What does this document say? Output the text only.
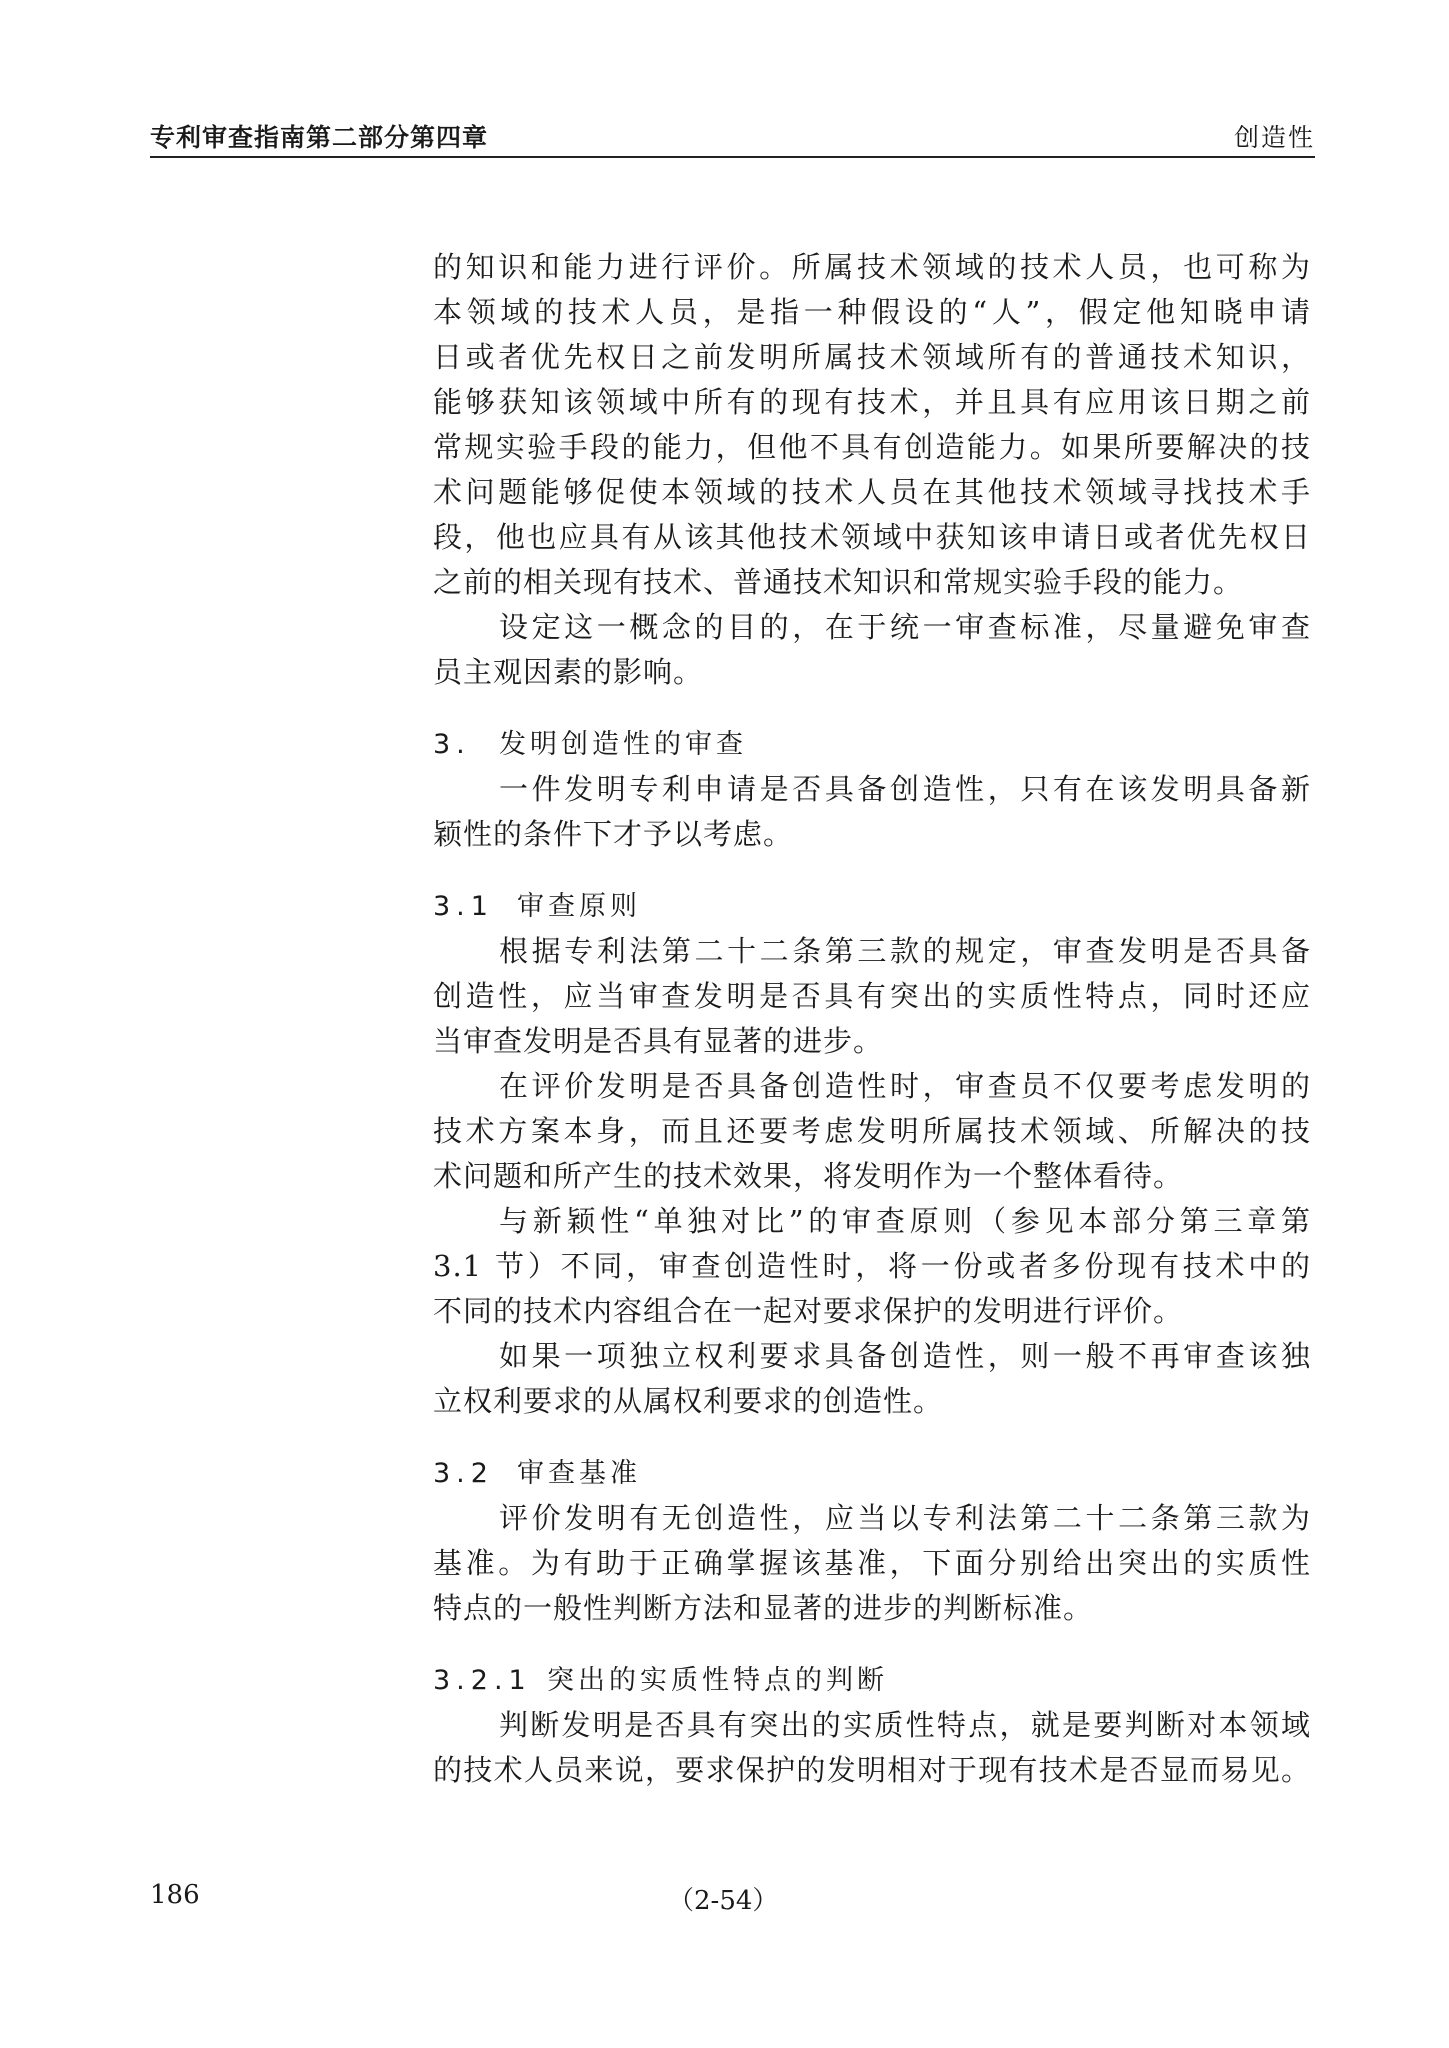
专利审查指南第二部分第四章	创造性
的知识和能力进行评价。所属技术领域的技术人员，也可称为
本领域的技术人员，是指一种假设的“人”，假定他知晓申请
日或者优先权日之前发明所属技术领域所有的普通技术知识，
能够获知该领域中所有的现有技术，并且具有应用该日期之前
常规实验手段的能力，但他不具有创造能力。如果所要解决的技
术问题能够促使本领域的技术人员在其他技术领域寻找技术手
段，他也应具有从该其他技术领域中获知该申请日或者优先权日
之前的相关现有技术、普通技术知识和常规实验手段的能力。
设定这一概念的目的，在于统一审查标准，尽量避免审查
员主观因素的影响。
3. 发明创造性的审查
一件发明专利申请是否具备创造性，只有在该发明具备新
颖性的条件下才予以考虑。
3.1 审查原则
根据专利法第二十二条第三款的规定，审查发明是否具备
创造性，应当审查发明是否具有突出的实质性特点，同时还应
当审查发明是否具有显著的进步。
在评价发明是否具备创造性时，审查员不仅要考虑发明的
技术方案本身，而且还要考虑发明所属技术领域、所解决的技
术问题和所产生的技术效果，将发明作为一个整体看待。
与新颖性“单独对比”的审查原则（参见本部分第三章第
3.1 节）不同，审查创造性时，将一份或者多份现有技术中的
不同的技术内容组合在一起对要求保护的发明进行评价。
如果一项独立权利要求具备创造性，则一般不再审查该独
立权利要求的从属权利要求的创造性。
3.2 审查基准
评价发明有无创造性，应当以专利法第二十二条第三款为
基准。为有助于正确掌握该基准，下面分别给出突出的实质性
特点的一般性判断方法和显著的进步的判断标准。
3.2.1 突出的实质性特点的判断
判断发明是否具有突出的实质性特点，就是要判断对本领域
的技术人员来说，要求保护的发明相对于现有技术是否显而易见。
186	（2-54）
